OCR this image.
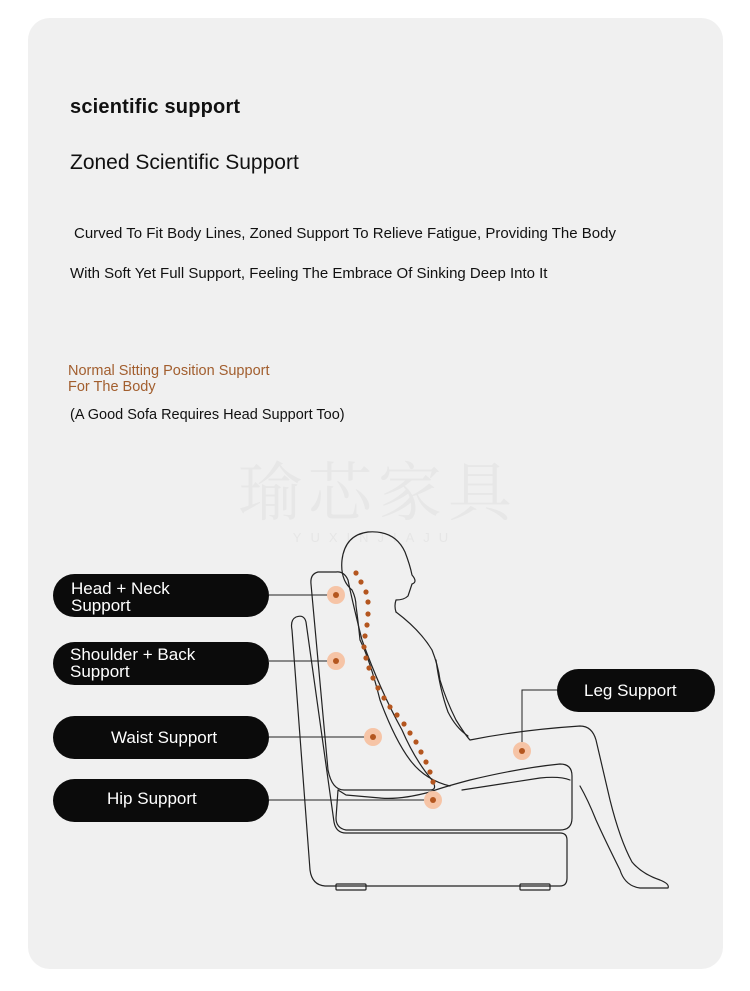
scientific support
Zoned Scientific Support
Curved To Fit Body Lines, Zoned Support To Relieve Fatigue, Providing The Body
With Soft Yet Full Support, Feeling The Embrace Of Sinking Deep Into It
Normal Sitting Position Support
For The Body
(A Good Sofa Requires Head Support Too)
瑜芯家具
YUXINJIAJU
Head + Neck
Support
Shoulder + Back
Support
Waist Support
Hip Support
Leg Support
